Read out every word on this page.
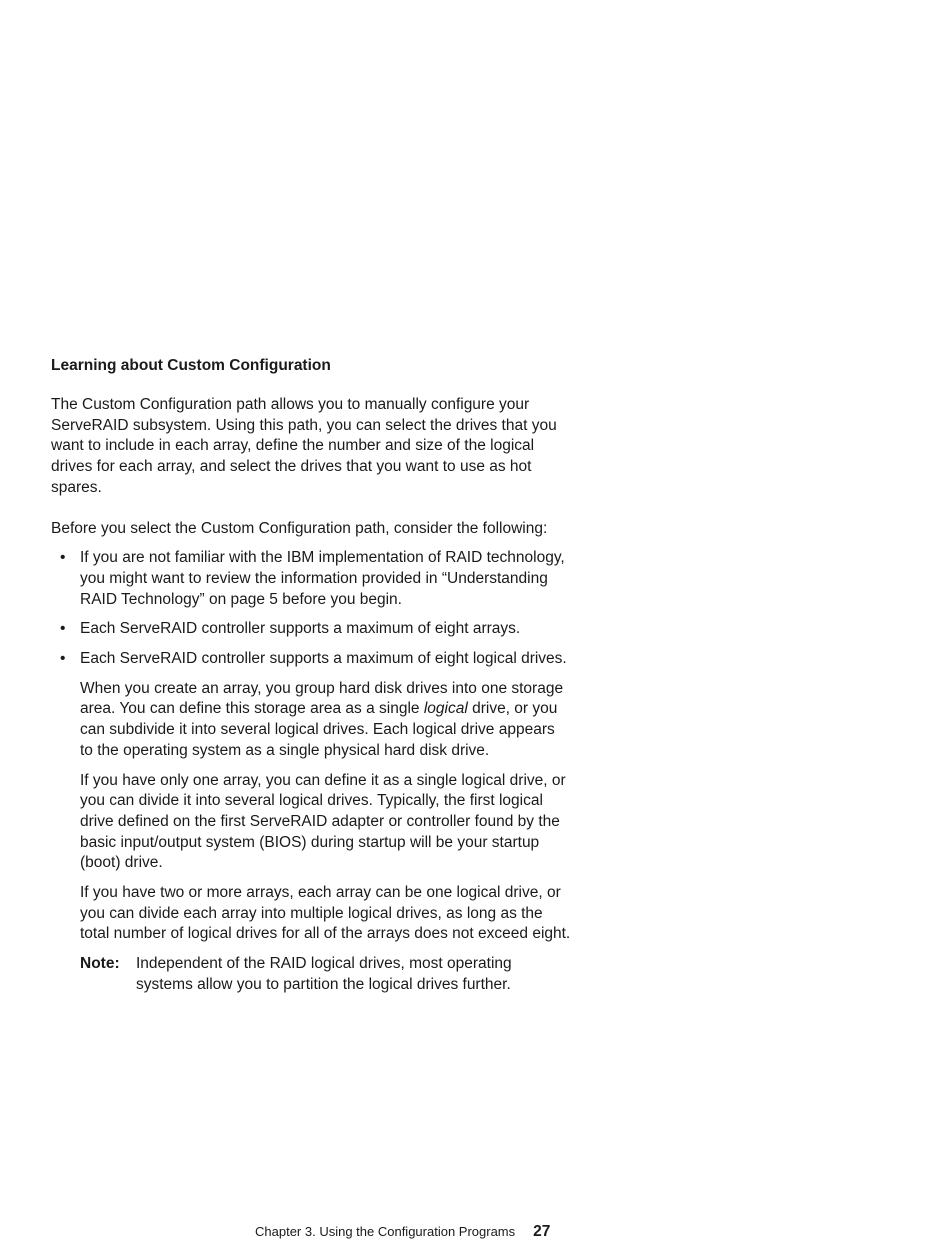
Learning about Custom Configuration

The Custom Configuration path allows you to manually configure your ServeRAID subsystem. Using this path, you can select the drives that you want to include in each array, define the number and size of the logical drives for each array, and select the drives that you want to use as hot spares.

Before you select the Custom Configuration path, consider the following:

• If you are not familiar with the IBM implementation of RAID technology, you might want to review the information provided in “Understanding RAID Technology” on page 5 before you begin.
• Each ServeRAID controller supports a maximum of eight arrays.
• Each ServeRAID controller supports a maximum of eight logical drives.

When you create an array, you group hard disk drives into one storage area. You can define this storage area as a single logical drive, or you can subdivide it into several logical drives. Each logical drive appears to the operating system as a single physical hard disk drive.

If you have only one array, you can define it as a single logical drive, or you can divide it into several logical drives. Typically, the first logical drive defined on the first ServeRAID adapter or controller found by the basic input/output system (BIOS) during startup will be your startup (boot) drive.

If you have two or more arrays, each array can be one logical drive, or you can divide each array into multiple logical drives, as long as the total number of logical drives for all of the arrays does not exceed eight.

Note:	Independent of the RAID logical drives, most operating systems allow you to partition the logical drives further.
Chapter 3. Using the Configuration Programs 27
